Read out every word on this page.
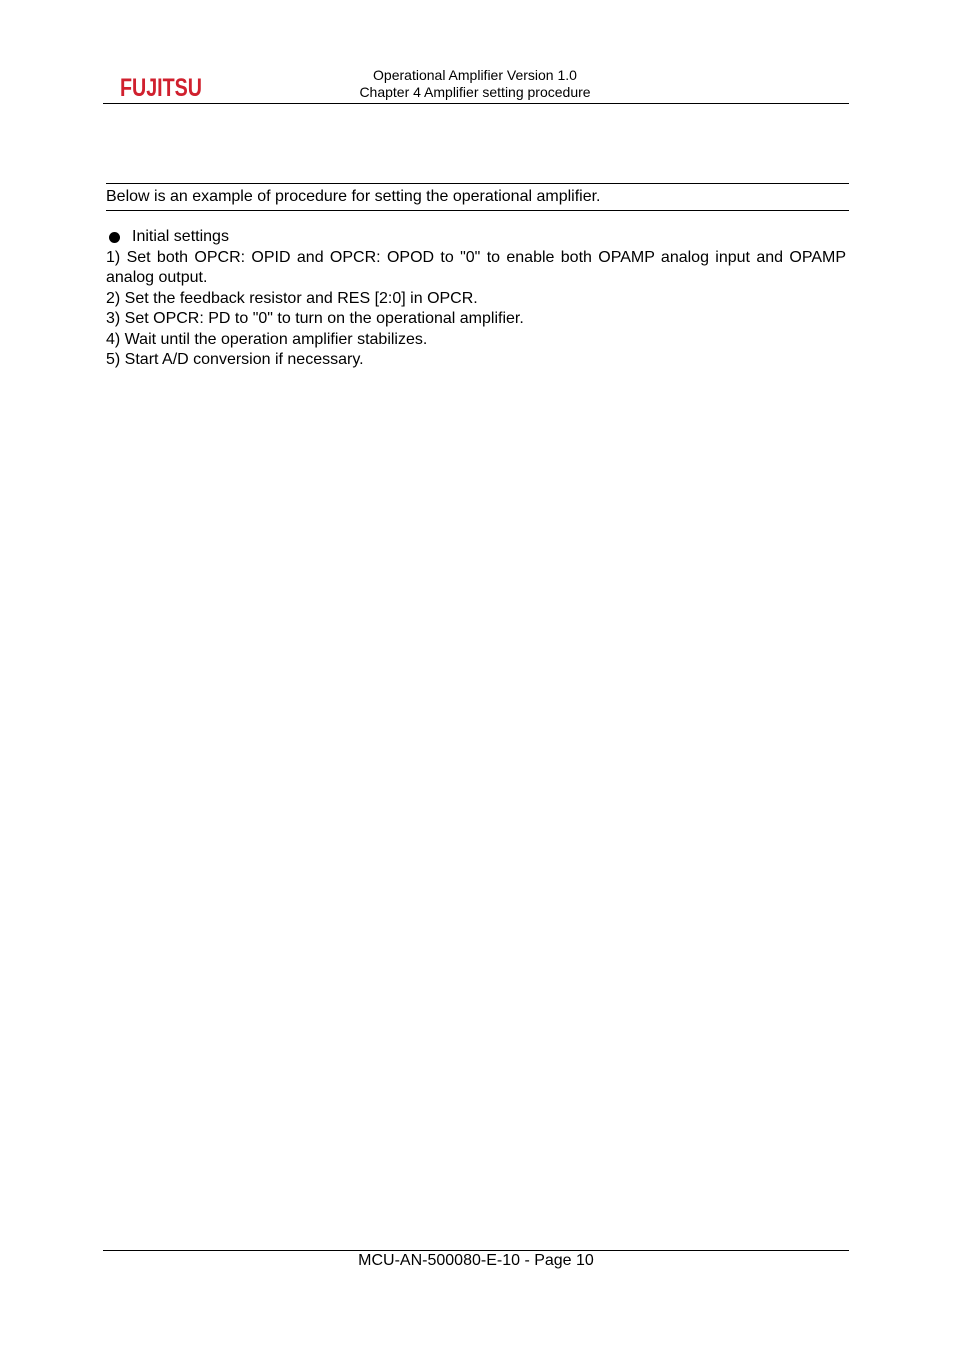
FUJITSU	Operational Amplifier Version 1.0
Chapter 4 Amplifier setting procedure
Below is an example of procedure for setting the operational amplifier.
Initial settings

1) Set both OPCR: OPID and OPCR: OPOD to "0" to enable both OPAMP analog input and OPAMP analog output.

2) Set the feedback resistor and RES [2:0] in OPCR.

3) Set OPCR: PD to "0" to turn on the operational amplifier.

4) Wait until the operation amplifier stabilizes.

5) Start A/D conversion if necessary.

MCU-AN-500080-E-10 - Page 10
